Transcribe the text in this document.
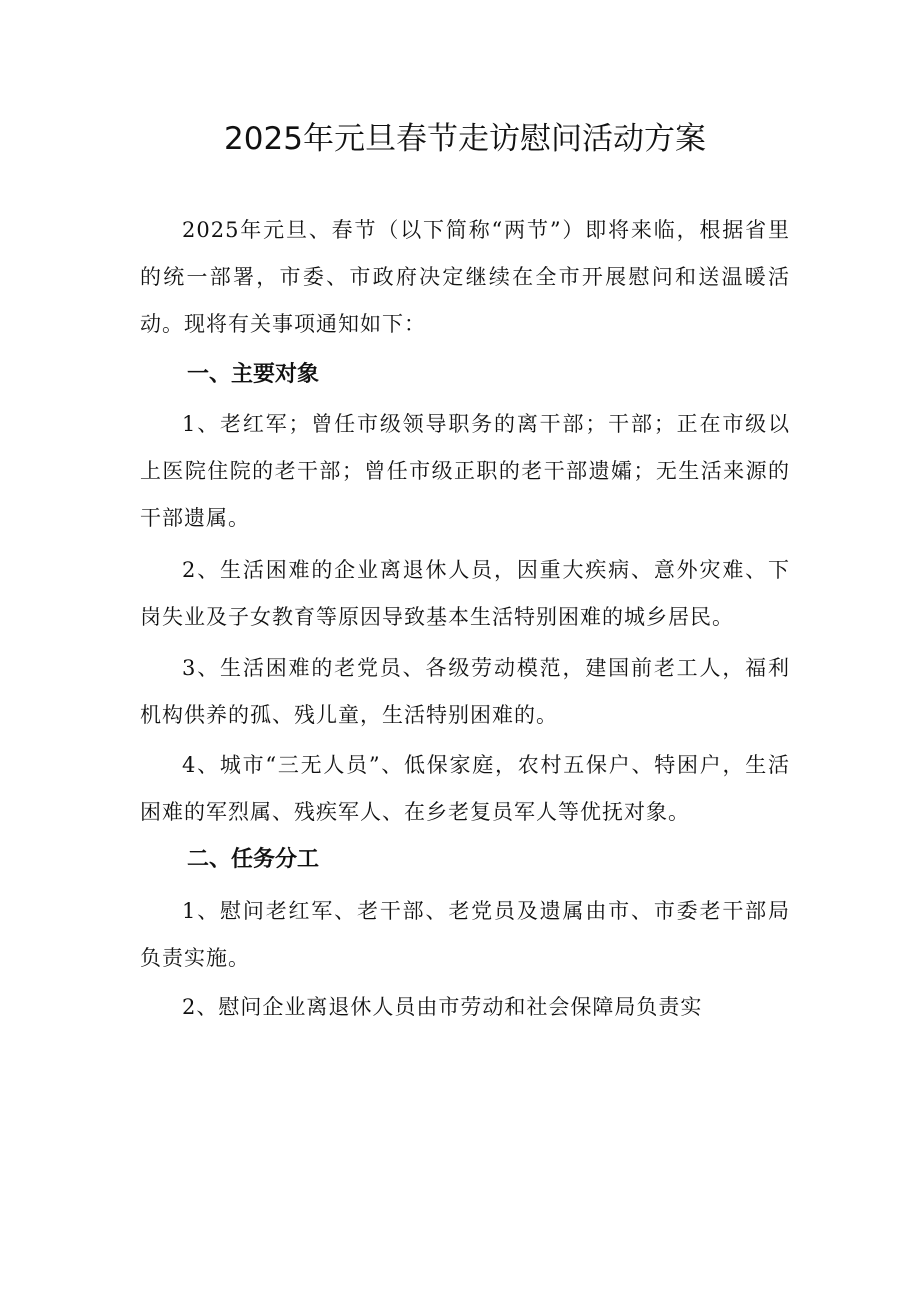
2025年元旦春节走访慰问活动方案

2025年元旦、春节（以下简称“两节”）即将来临，根据省里的统一部署，市委、市政府决定继续在全市开展慰问和送温暖活动。现将有关事项通知如下：

一、主要对象

1、老红军；曾任市级领导职务的离干部；干部；正在市级以上医院住院的老干部；曾任市级正职的老干部遗孀；无生活来源的干部遗属。

2、生活困难的企业离退休人员，因重大疾病、意外灾难、下岗失业及子女教育等原因导致基本生活特别困难的城乡居民。

3、生活困难的老党员、各级劳动模范，建国前老工人，福利机构供养的孤、残儿童，生活特别困难的。

4、城市“三无人员”、低保家庭，农村五保户、特困户，生活困难的军烈属、残疾军人、在乡老复员军人等优抚对象。

二、任务分工

1、慰问老红军、老干部、老党员及遗属由市、市委老干部局负责实施。

2、慰问企业离退休人员由市劳动和社会保障局负责实
